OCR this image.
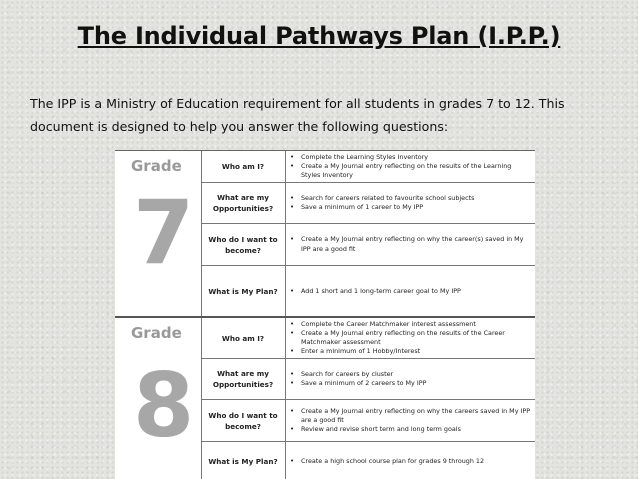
The Individual Pathways Plan (I.P.P.)
The IPP is a Ministry of Education requirement for all students in grades 7 to 12. This
document is designed to help you answer the following questions:
Grade
7
Who am I?
• Complete the Learning Styles Inventory
• Create a My Journal entry reflecting on the results of the Learning Styles Inventory
What are my
Opportunities?
• Search for careers related to favourite school subjects
• Save a minimum of 1 career to My IPP
Who do I want to
become?
• Create a My Journal entry reflecting on why the career(s) saved in My IPP are a good fit
What is My Plan?	• Add 1 short and 1 long-term career goal to My IPP
Grade
8
Who am I?
• Complete the Career Matchmaker interest assessment
• Create a My Journal entry reflecting on the results of the Career Matchmaker assessment
• Enter a minimum of 1 Hobby/Interest
What are my
Opportunities?
• Search for careers by cluster
• Save a minimum of 2 careers to My IPP
Who do I want to
become?
• Create a My Journal entry reflecting on why the careers saved in My IPP are a good fit
• Review and revise short term and long term goals
What is My Plan?	• Create a high school course plan for grades 9 through 12
